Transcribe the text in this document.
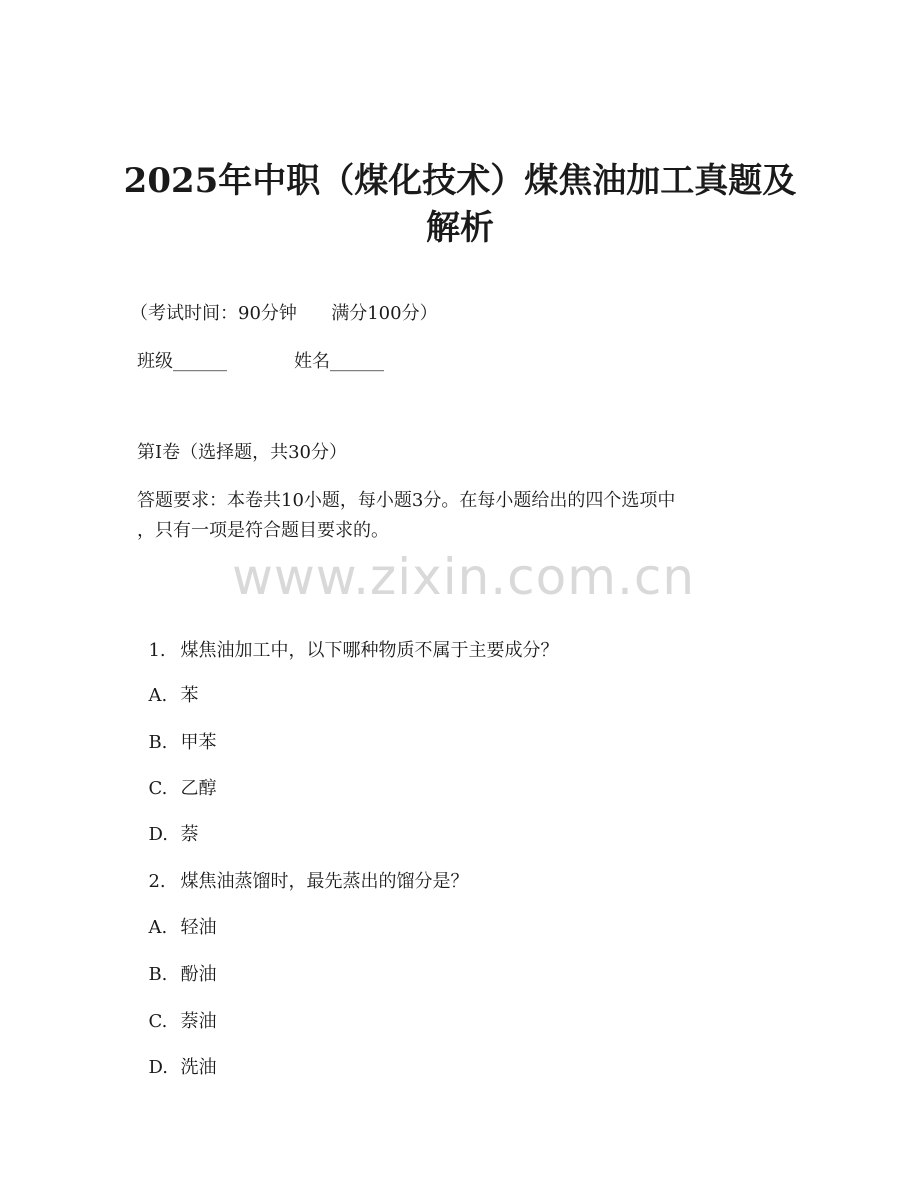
2025年中职（煤化技术）煤焦油加工真题及
解析
（考试时间：90分钟      满分100分）
班级______	姓名______
第I卷（选择题，共30分）
答题要求：本卷共10小题，每小题3分。在每小题给出的四个选项中
，只有一项是符合题目要求的。
www.zixin.com.cn

1. 煤焦油加工中，以下哪种物质不属于主要成分？

A. 苯

B. 甲苯

C. 乙醇

D. 萘

2. 煤焦油蒸馏时，最先蒸出的馏分是？

A. 轻油

B. 酚油

C. 萘油

D. 洗油
